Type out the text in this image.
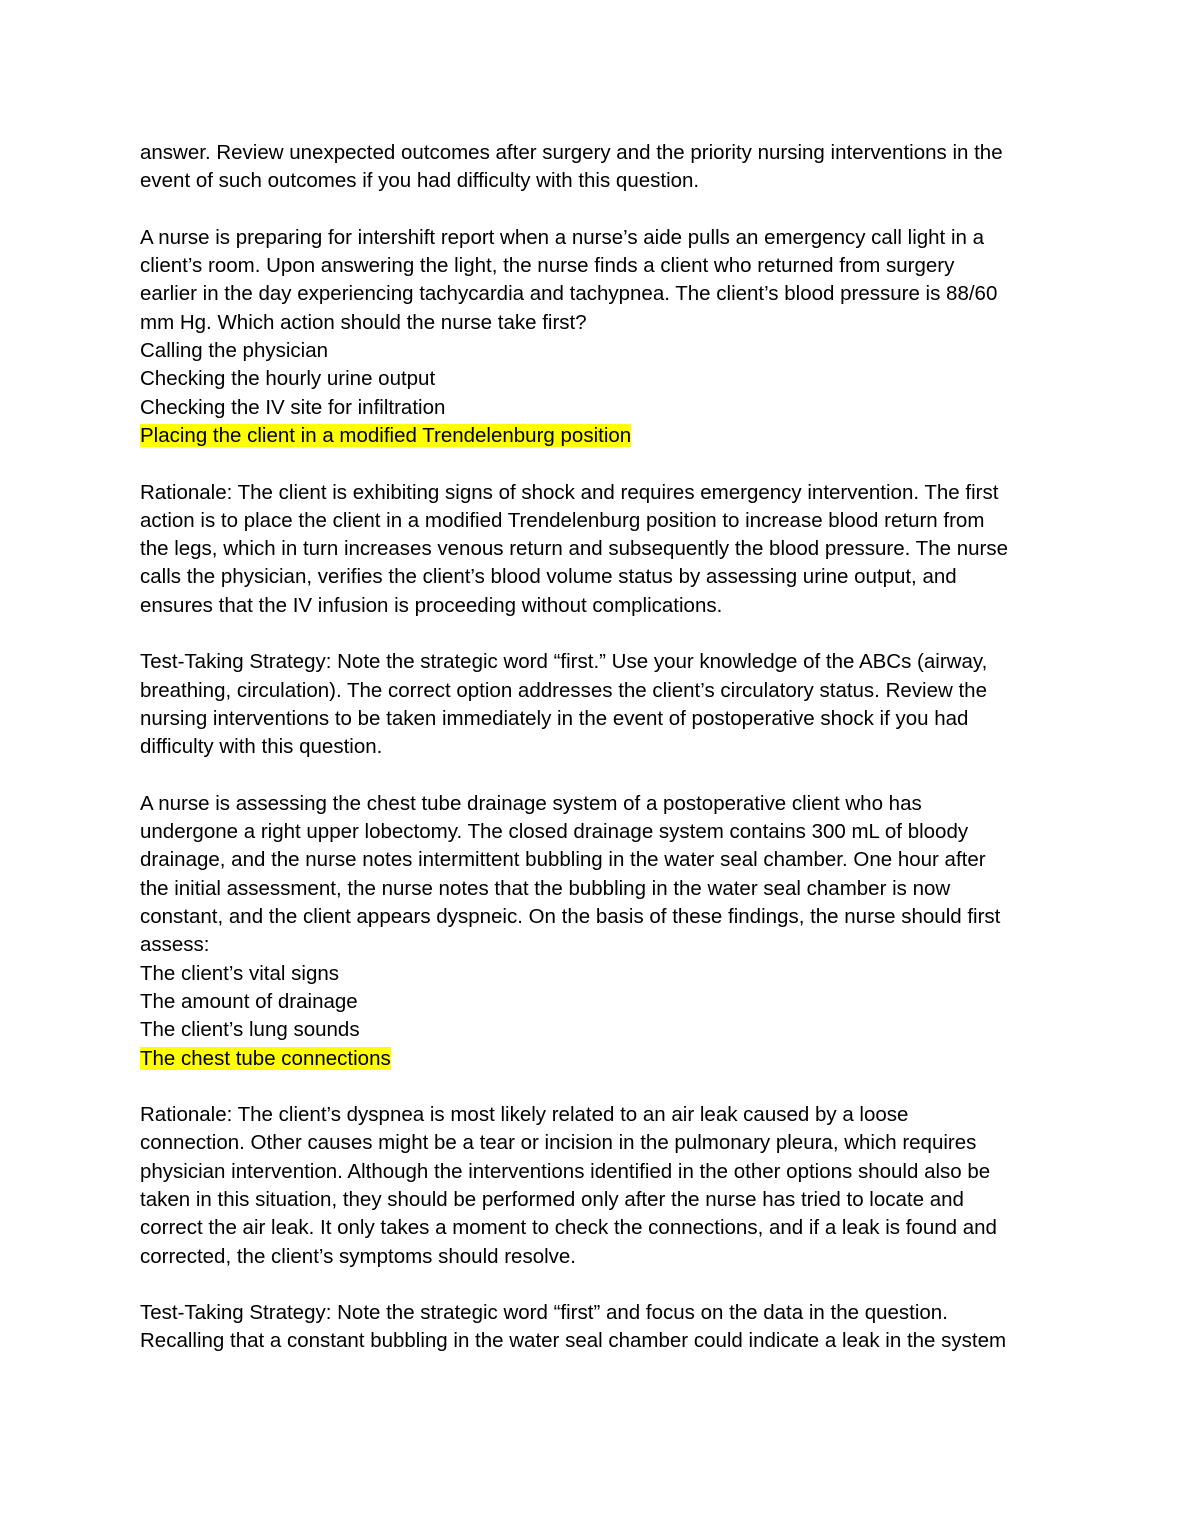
answer. Review unexpected outcomes after surgery and the priority nursing interventions in the

event of such outcomes if you had difficulty with this question.

A nurse is preparing for intershift report when a nurse’s aide pulls an emergency call light in a

client’s room. Upon answering the light, the nurse finds a client who returned from surgery

earlier in the day experiencing tachycardia and tachypnea. The client’s blood pressure is 88/60

mm Hg. Which action should the nurse take first?

Calling the physician

Checking the hourly urine output

Checking the IV site for infiltration

Placing the client in a modified Trendelenburg position

Rationale: The client is exhibiting signs of shock and requires emergency intervention. The first

action is to place the client in a modified Trendelenburg position to increase blood return from

the legs, which in turn increases venous return and subsequently the blood pressure. The nurse

calls the physician, verifies the client’s blood volume status by assessing urine output, and

ensures that the IV infusion is proceeding without complications.

Test-Taking Strategy: Note the strategic word “first.” Use your knowledge of the ABCs (airway,

breathing, circulation). The correct option addresses the client’s circulatory status. Review the

nursing interventions to be taken immediately in the event of postoperative shock if you had

difficulty with this question.

A nurse is assessing the chest tube drainage system of a postoperative client who has

undergone a right upper lobectomy. The closed drainage system contains 300 mL of bloody

drainage, and the nurse notes intermittent bubbling in the water seal chamber. One hour after

the initial assessment, the nurse notes that the bubbling in the water seal chamber is now

constant, and the client appears dyspneic. On the basis of these findings, the nurse should first

assess:

The client’s vital signs

The amount of drainage

The client’s lung sounds

The chest tube connections

Rationale: The client’s dyspnea is most likely related to an air leak caused by a loose

connection. Other causes might be a tear or incision in the pulmonary pleura, which requires

physician intervention. Although the interventions identified in the other options should also be

taken in this situation, they should be performed only after the nurse has tried to locate and

correct the air leak. It only takes a moment to check the connections, and if a leak is found and

corrected, the client’s symptoms should resolve.

Test-Taking Strategy: Note the strategic word “first” and focus on the data in the question.

Recalling that a constant bubbling in the water seal chamber could indicate a leak in the system
